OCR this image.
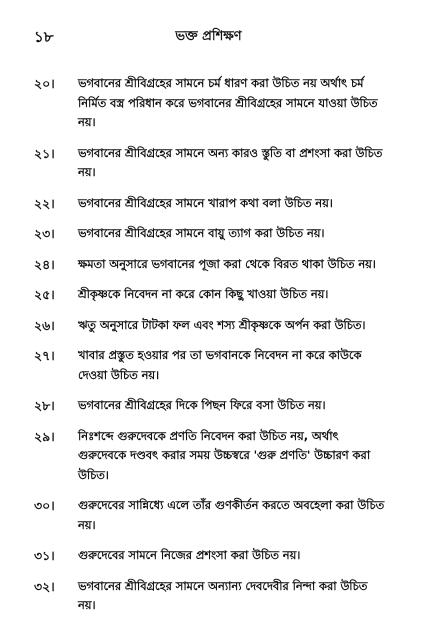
১৮	ভক্ত প্রশিক্ষণ
২০।	ভগবানের শ্রীবিগ্রহের সামনে চর্ম ধারণ করা উচিত নয় অর্থাৎ চর্ম নির্মিত বস্ত্র পরিধান করে ভগবানের শ্রীবিগ্রহের সামনে যাওয়া উচিত নয়।
২১।	ভগবানের শ্রীবিগ্রহের সামনে অন্য কারও স্তুতি বা প্রশংসা করা উচিত নয়।
২২।	ভগবানের শ্রীবিগ্রহের সামনে খারাপ কথা বলা উচিত নয়।
২৩।	ভগবানের শ্রীবিগ্রহের সামনে বায়ু ত্যাগ করা উচিত নয়।
২৪।	ক্ষমতা অনুসারে ভগবানের পূজা করা থেকে বিরত থাকা উচিত নয়।
২৫।	শ্রীকৃষ্ণকে নিবেদন না করে কোন কিছু খাওয়া উচিত নয়।
২৬।	ঋতু অনুসারে টাটকা ফল এবং শস্য শ্রীকৃষ্ণকে অর্পন করা উচিত।
২৭।	খাবার প্রস্তুত হওয়ার পর তা ভগবানকে নিবেদন না করে কাউকে দেওয়া উচিত নয়।
২৮।	ভগবানের শ্রীবিগ্রহের দিকে পিছন ফিরে বসা উচিত নয়।
২৯।	নিঃশব্দে গুরুদেবকে প্রণতি নিবেদন করা উচিত নয়, অর্থাৎ গুরুদেবকে দণ্ডবৎ করার সময় উচ্চস্বরে 'গুরু প্রণতি' উচ্চারণ করা উচিত।
৩০।	গুরুদেবের সান্নিধ্যে এলে তাঁর গুণকীর্তন করতে অবহেলা করা উচিত নয়।
৩১।	গুরুদেবের সামনে নিজের প্রশংসা করা উচিত নয়।
৩২।	ভগবানের শ্রীবিগ্রহের সামনে অন্যান্য দেবদেবীর নিন্দা করা উচিত নয়।
